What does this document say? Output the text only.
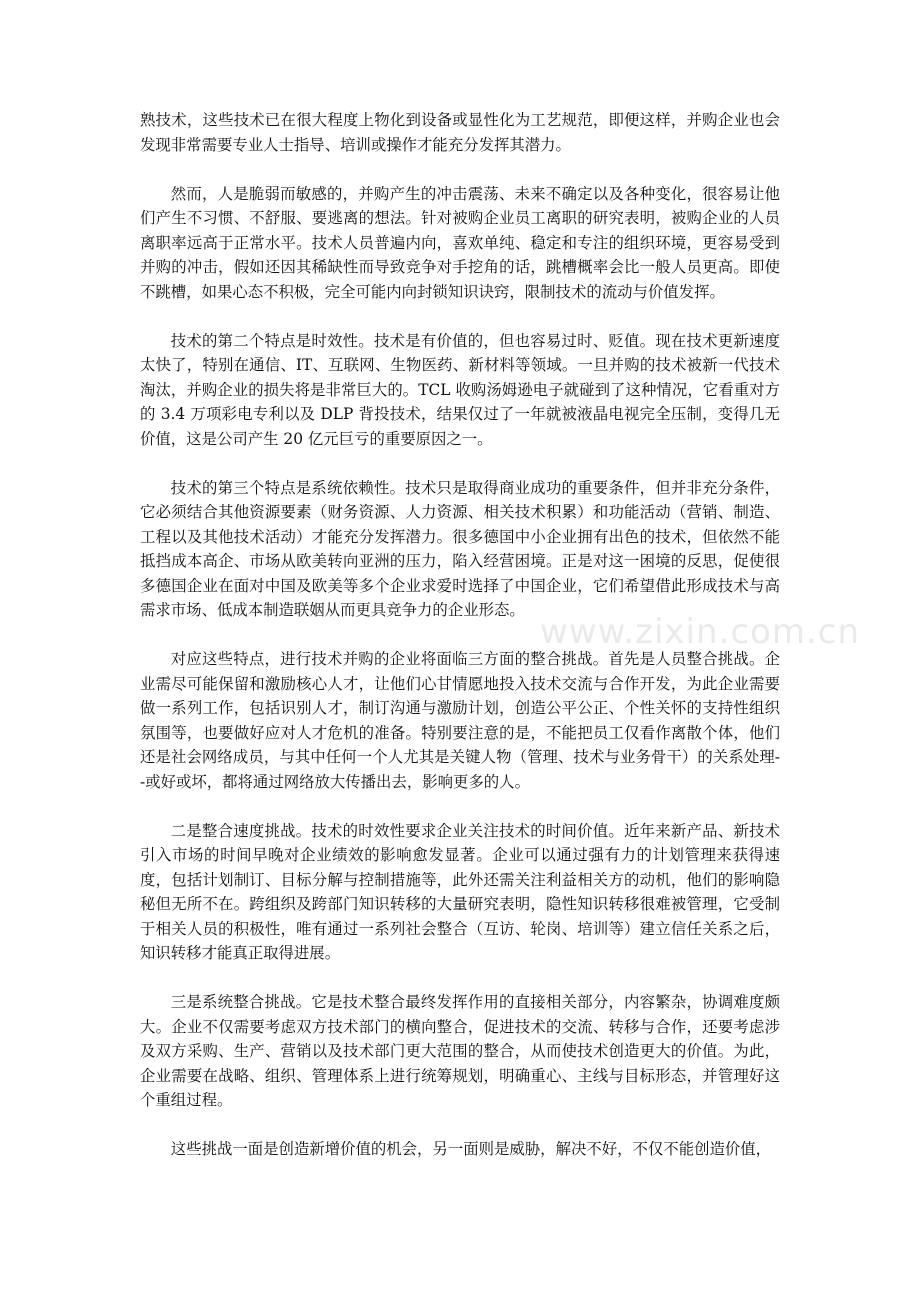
熟技术，这些技术已在很大程度上物化到设备或显性化为工艺规范，即便这样，并购企业也会发现非常需要专业人士指导、培训或操作才能充分发挥其潜力。

然而，人是脆弱而敏感的，并购产生的冲击震荡、未来不确定以及各种变化，很容易让他们产生不习惯、不舒服、要逃离的想法。针对被购企业员工离职的研究表明，被购企业的人员离职率远高于正常水平。技术人员普遍内向，喜欢单纯、稳定和专注的组织环境，更容易受到并购的冲击，假如还因其稀缺性而导致竞争对手挖角的话，跳槽概率会比一般人员更高。即使不跳槽，如果心态不积极，完全可能内向封锁知识诀窍，限制技术的流动与价值发挥。

技术的第二个特点是时效性。技术是有价值的，但也容易过时、贬值。现在技术更新速度太快了，特别在通信、IT、互联网、生物医药、新材料等领域。一旦并购的技术被新一代技术淘汰，并购企业的损失将是非常巨大的。TCL 收购汤姆逊电子就碰到了这种情况，它看重对方的 3.4 万项彩电专利以及 DLP 背投技术，结果仅过了一年就被液晶电视完全压制，变得几无价值，这是公司产生 20 亿元巨亏的重要原因之一。

技术的第三个特点是系统依赖性。技术只是取得商业成功的重要条件，但并非充分条件，它必须结合其他资源要素（财务资源、人力资源、相关技术积累）和功能活动（营销、制造、工程以及其他技术活动）才能充分发挥潜力。很多德国中小企业拥有出色的技术，但依然不能抵挡成本高企、市场从欧美转向亚洲的压力，陷入经营困境。正是对这一困境的反思，促使很多德国企业在面对中国及欧美等多个企业求爱时选择了中国企业，它们希望借此形成技术与高需求市场、低成本制造联姻从而更具竞争力的企业形态。

对应这些特点，进行技术并购的企业将面临三方面的整合挑战。首先是人员整合挑战。企业需尽可能保留和激励核心人才，让他们心甘情愿地投入技术交流与合作开发，为此企业需要做一系列工作，包括识别人才，制订沟通与激励计划，创造公平公正、个性关怀的支持性组织氛围等，也要做好应对人才危机的准备。特别要注意的是，不能把员工仅看作离散个体，他们还是社会网络成员，与其中任何一个人尤其是关键人物（管理、技术与业务骨干）的关系处理--或好或坏，都将通过网络放大传播出去，影响更多的人。

二是整合速度挑战。技术的时效性要求企业关注技术的时间价值。近年来新产品、新技术引入市场的时间早晚对企业绩效的影响愈发显著。企业可以通过强有力的计划管理来获得速度，包括计划制订、目标分解与控制措施等，此外还需关注利益相关方的动机，他们的影响隐秘但无所不在。跨组织及跨部门知识转移的大量研究表明，隐性知识转移很难被管理，它受制于相关人员的积极性，唯有通过一系列社会整合（互访、轮岗、培训等）建立信任关系之后，知识转移才能真正取得进展。

三是系统整合挑战。它是技术整合最终发挥作用的直接相关部分，内容繁杂，协调难度颇大。企业不仅需要考虑双方技术部门的横向整合，促进技术的交流、转移与合作，还要考虑涉及双方采购、生产、营销以及技术部门更大范围的整合，从而使技术创造更大的价值。为此，企业需要在战略、组织、管理体系上进行统筹规划，明确重心、主线与目标形态，并管理好这个重组过程。

这些挑战一面是创造新增价值的机会，另一面则是威胁，解决不好，不仅不能创造价值，

www.zixin.com.cn
